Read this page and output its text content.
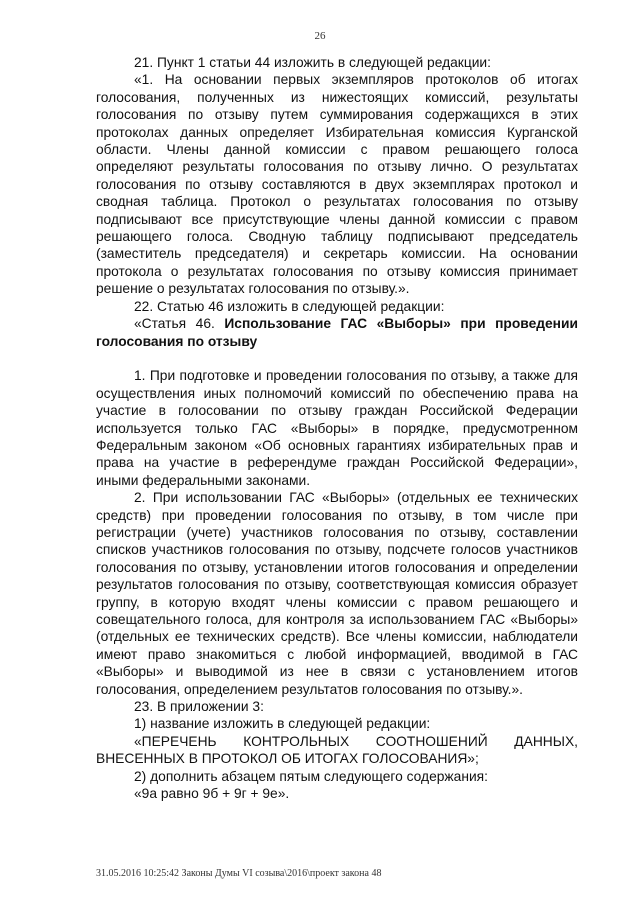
26

21. Пункт 1 статьи 44 изложить в следующей редакции:

«1. На основании первых экземпляров протоколов об итогах голосования, полученных из нижестоящих комиссий, результаты голосования по отзыву путем суммирования содержащихся в этих протоколах данных определяет Избирательная комиссия Курганской области. Члены данной комиссии с правом решающего голоса определяют результаты голосования по отзыву лично. О результатах голосования по отзыву составляются в двух экземплярах протокол и сводная таблица. Протокол о результатах голосования по отзыву подписывают все присутствующие члены данной комиссии с правом решающего голоса. Сводную таблицу подписывают председатель (заместитель председателя) и секретарь комиссии. На основании протокола о результатах голосования по отзыву комиссия принимает решение о результатах голосования по отзыву.».

22. Статью 46 изложить в следующей редакции:

«Статья 46. Использование ГАС «Выборы» при проведении голосования по отзыву

1. При подготовке и проведении голосования по отзыву, а также для осуществления иных полномочий комиссий по обеспечению права на участие в голосовании по отзыву граждан Российской Федерации используется только ГАС «Выборы» в порядке, предусмотренном Федеральным законом «Об основных гарантиях избирательных прав и права на участие в референдуме граждан Российской Федерации», иными федеральными законами.

2. При использовании ГАС «Выборы» (отдельных ее технических средств) при проведении голосования по отзыву, в том числе при регистрации (учете) участников голосования по отзыву, составлении списков участников голосования по отзыву, подсчете голосов участников голосования по отзыву, установлении итогов голосования и определении результатов голосования по отзыву, соответствующая комиссия образует группу, в которую входят члены комиссии с правом решающего и совещательного голоса, для контроля за использованием ГАС «Выборы» (отдельных ее технических средств). Все члены комиссии, наблюдатели имеют право знакомиться с любой информацией, вводимой в ГАС «Выборы» и выводимой из нее в связи с установлением итогов голосования, определением результатов голосования по отзыву.».

23. В приложении 3:

1) название изложить в следующей редакции:

«ПЕРЕЧЕНЬ КОНТРОЛЬНЫХ СООТНОШЕНИЙ ДАННЫХ, ВНЕСЕННЫХ В ПРОТОКОЛ ОБ ИТОГАХ ГОЛОСОВАНИЯ»;

2) дополнить абзацем пятым следующего содержания:

«9а равно 9б + 9г + 9е».

31.05.2016 10:25:42 Законы Думы VI созыва\2016\проект закона 48
